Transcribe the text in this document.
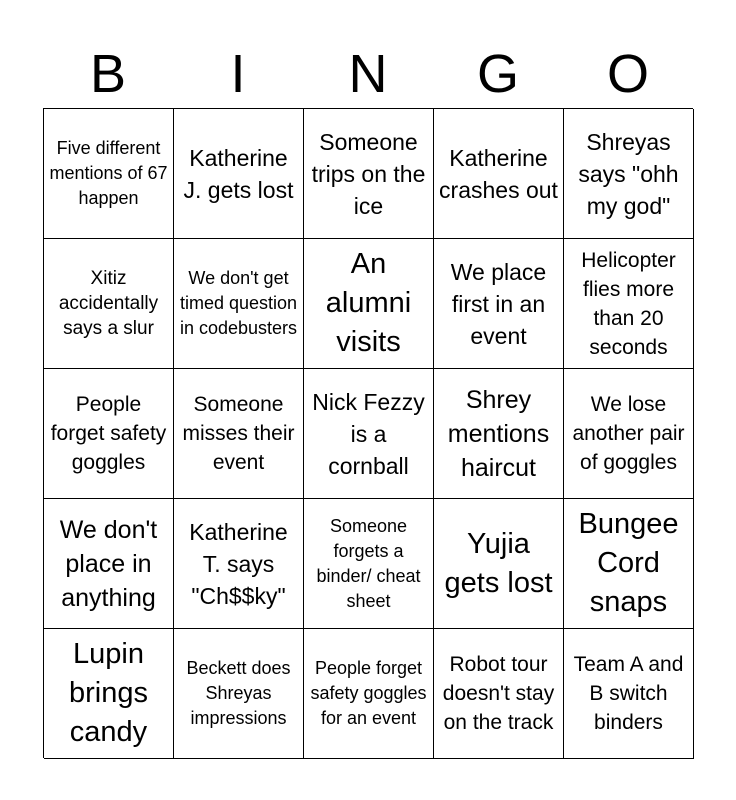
B	I	N	G	O
Five different mentions of 67 happen
Katherine J. gets lost
Someone trips on the ice
Katherine crashes out
Shreyas says "ohh my god"
Xitiz accidentally says a slur
We don't get timed question in codebusters
An alumni visits
We place first in an event
Helicopter flies more than 20 seconds
People forget safety goggles
Someone misses their event
Nick Fezzy is a cornball
Shrey mentions haircut
We lose another pair of goggles
We don't place in anything
Katherine T. says "Ch$$ky"
Someone forgets a binder/ cheat sheet
Yujia gets lost
Bungee Cord snaps
Lupin brings candy
Beckett does Shreyas impressions
People forget safety goggles for an event
Robot tour doesn't stay on the track
Team A and B switch binders
